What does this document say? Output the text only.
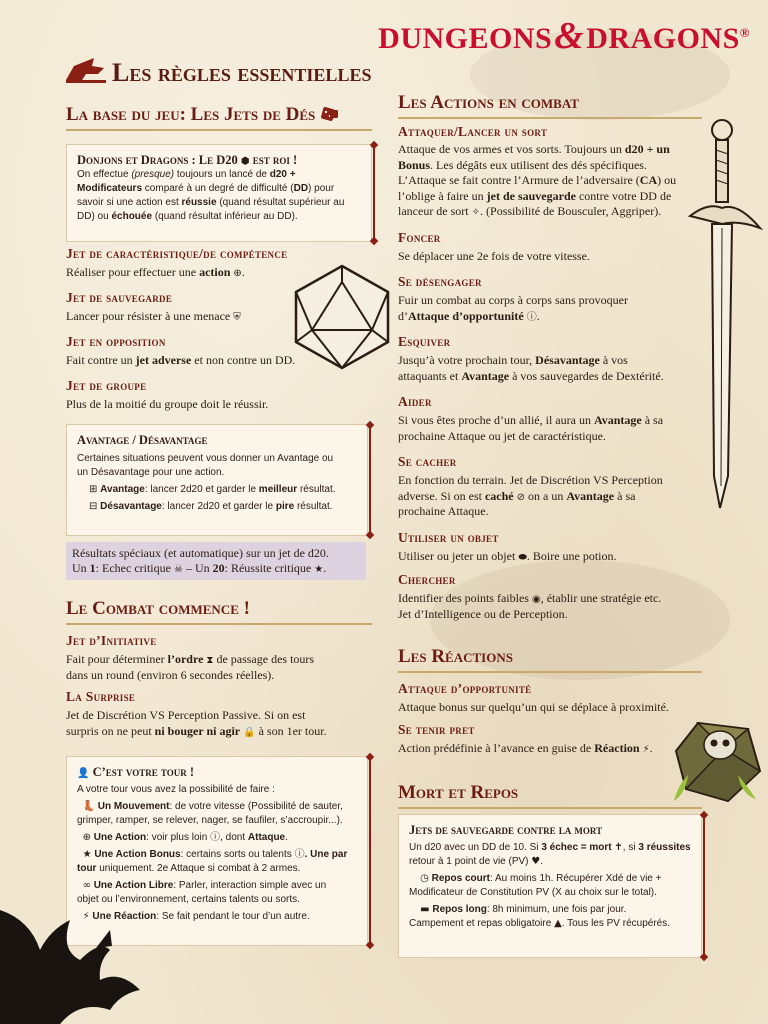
DUNGEONS&DRAGONS®
Les règles essentielles
La base du jeu: Les Jets de Dés
Donjons et Dragons : Le D20 ⬢ est roi !

On effectue (presque) toujours un lancé de d20 +
Modificateurs comparé à un degré de difficulté (DD) pour
savoir si une action est réussie (quand résultat supérieur au
DD) ou échouée (quand résultat inférieur au DD).

Jet de caractéristique/de compétence

Réaliser pour effectuer une action ⊕.

Jet de sauvegarde

Lancer pour résister à une menace ⛨

Jet en opposition

Fait contre un jet adverse et non contre un DD.

Jet de groupe

Plus de la moitié du groupe doit le réussir.

Avantage / Désavantage

Certaines situations peuvent vous donner un Avantage ou
un Désavantage pour une action.

⊞ Avantage: lancer 2d20 et garder le meilleur résultat.

⊟ Désavantage: lancer 2d20 et garder le pire résultat.

Résultats spéciaux (et automatique) sur un jet de d20.
Un 1: Echec critique ☠ – Un 20: Réussite critique ★.

Le Combat commence !
Jet d’Initiative

Fait pour déterminer l’ordre ⧗ de passage des tours
dans un round (environ 6 secondes réelles).

La Surprise

Jet de Discrétion VS Perception Passive. Si on est
surpris on ne peut ni bouger ni agir 🔒 à son 1er tour.

👤 C’est votre tour !

A votre tour vous avez la possibilité de faire :

👢 Un Mouvement: de votre vitesse (Possibilité de sauter,
grimper, ramper, se relever, nager, se faufiler, s’accroupir...).

⊕ Une Action: voir plus loin ⓘ, dont Attaque.

★ Une Action Bonus: certains sorts ou talents ⓘ. Une par
tour uniquement. 2e Attaque si combat à 2 armes.

∞ Une Action Libre: Parler, interaction simple avec un
objet ou l’environnement, certains talents ou sorts.

⚡ Une Réaction: Se fait pendant le tour d’un autre.

Les Actions en combat
Attaquer/Lancer un sort

Attaque de vos armes et vos sorts. Toujours un d20 + un
Bonus. Les dégâts eux utilisent des dés spécifiques.
L’Attaque se fait contre l’Armure de l’adversaire (CA) ou
l’oblige à faire un jet de sauvegarde contre votre DD de
lanceur de sort ✧. (Possibilité de Bousculer, Aggriper).

Foncer

Se déplacer une 2e fois de votre vitesse.

Se désengager

Fuir un combat au corps à corps sans provoquer
d’Attaque d’opportunité ⓘ.

Esquiver

Jusqu’à votre prochain tour, Désavantage à vos
attaquants et Avantage à vos sauvegardes de Dextérité.

Aider

Si vous êtes proche d’un allié, il aura un Avantage à sa
prochaine Attaque ou jet de caractéristique.

Se cacher

En fonction du terrain. Jet de Discrétion VS Perception
adverse. Si on est caché ⊘ on a un Avantage à sa
prochaine Attaque.

Utiliser un objet

Utiliser ou jeter un objet ⬬. Boire une potion.

Chercher

Identifier des points faibles ◉, établir une stratégie etc.
Jet d’Intelligence ou de Perception.

Les Réactions
Attaque d’opportunité

Attaque bonus sur quelqu’un qui se déplace à proximité.

Se tenir pret

Action prédéfinie à l’avance en guise de Réaction ⚡.

Mort et Repos
Jets de sauvegarde contre la mort

Un d20 avec un DD de 10. Si 3 échec = mort ✝, si 3 réussites
retour à 1 point de vie (PV) ♥.

◷ Repos court: Au moins 1h. Récupérer Xdé de vie +
Modificateur de Constitution PV (X au choix sur le total).

▬ Repos long: 8h minimum, une fois par jour.
Campement et repas obligatoire ▲. Tous les PV récupérés.
